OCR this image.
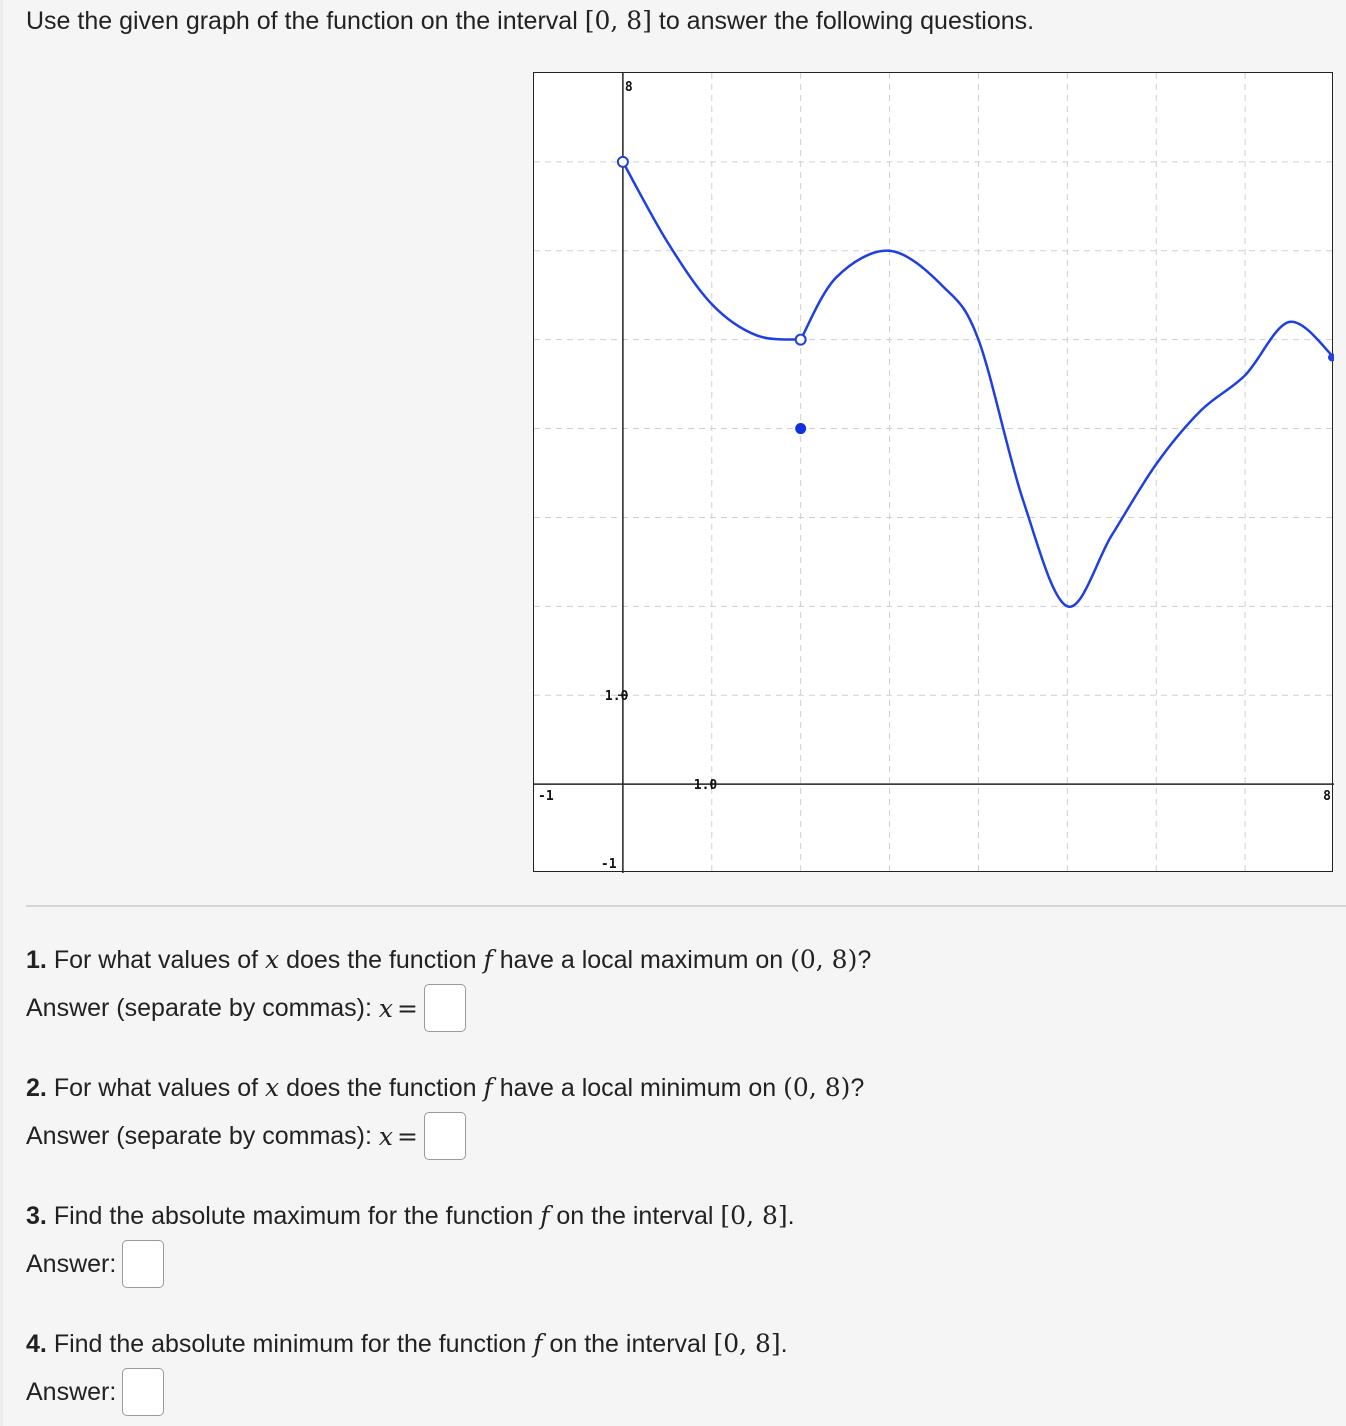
Use the given graph of the function on the interval [0, 8] to answer the following questions.
-1	8
8
-1
1.0
1.0
1. For what values of x does the function f have a local maximum on (0, 8)?
Answer (separate by commas):
x =
2. For what values of x does the function f have a local minimum on (0, 8)?
Answer (separate by commas):
x =
3. Find the absolute maximum for the function f on the interval [0, 8].
Answer:
4. Find the absolute minimum for the function f on the interval [0, 8].
Answer:
